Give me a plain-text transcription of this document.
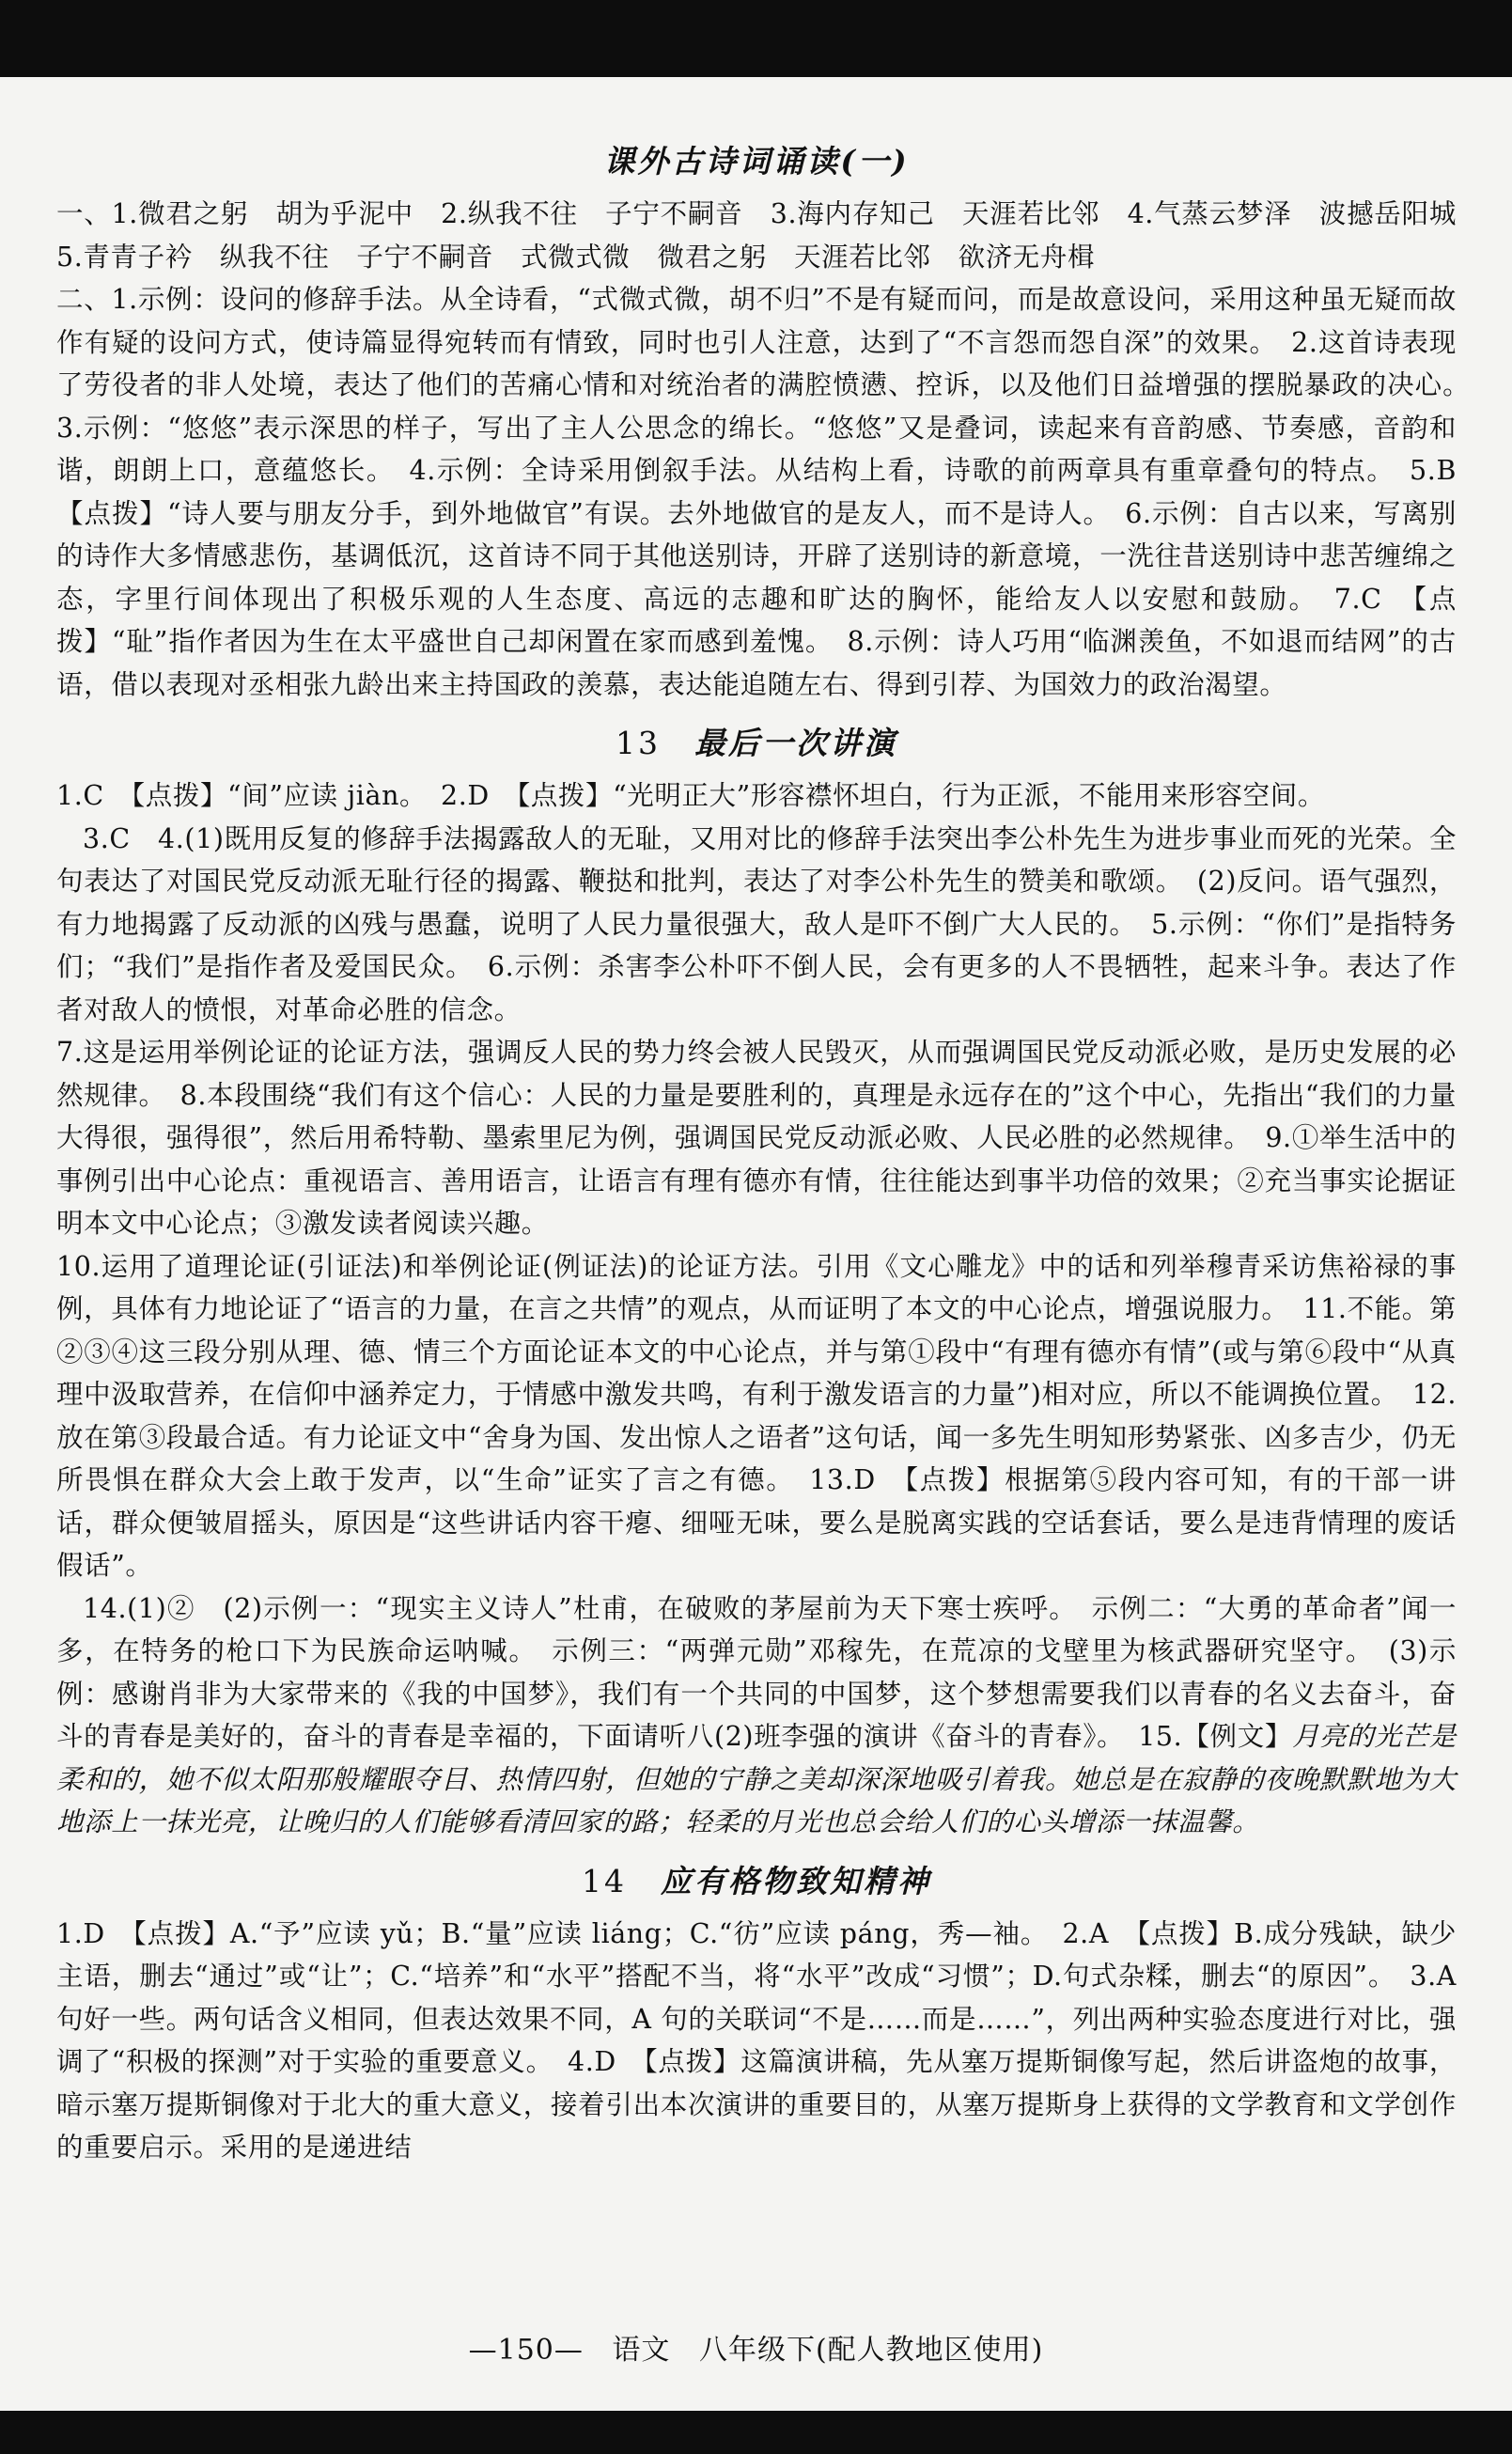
课外古诗词诵读(一)

一、1.微君之躬　胡为乎泥中　2.纵我不往　子宁不嗣音　3.海内存知己　天涯若比邻　4.气蒸云梦泽　波撼岳阳城　5.青青子衿　纵我不往　子宁不嗣音　式微式微　微君之躬　天涯若比邻　欲济无舟楫

二、1.示例：设问的修辞手法。从全诗看，“式微式微，胡不归”不是有疑而问，而是故意设问，采用这种虽无疑而故作有疑的设问方式，使诗篇显得宛转而有情致，同时也引人注意，达到了“不言怨而怨自深”的效果。　2.这首诗表现了劳役者的非人处境，表达了他们的苦痛心情和对统治者的满腔愤懑、控诉，以及他们日益增强的摆脱暴政的决心。　3.示例：“悠悠”表示深思的样子，写出了主人公思念的绵长。“悠悠”又是叠词，读起来有音韵感、节奏感，音韵和谐，朗朗上口，意蕴悠长。　4.示例：全诗采用倒叙手法。从结构上看，诗歌的前两章具有重章叠句的特点。　5.B　【点拨】“诗人要与朋友分手，到外地做官”有误。去外地做官的是友人，而不是诗人。　6.示例：自古以来，写离别的诗作大多情感悲伤，基调低沉，这首诗不同于其他送别诗，开辟了送别诗的新意境，一洗往昔送别诗中悲苦缠绵之态，字里行间体现出了积极乐观的人生态度、高远的志趣和旷达的胸怀，能给友人以安慰和鼓励。　7.C　【点拨】“耻”指作者因为生在太平盛世自己却闲置在家而感到羞愧。　8.示例：诗人巧用“临渊羡鱼，不如退而结网”的古语，借以表现对丞相张九龄出来主持国政的羡慕，表达能追随左右、得到引荐、为国效力的政治渴望。

13 最后一次讲演

1.C　【点拨】“间”应读 jiàn。　2.D　【点拨】“光明正大”形容襟怀坦白，行为正派，不能用来形容空间。

3.C　4.(1)既用反复的修辞手法揭露敌人的无耻，又用对比的修辞手法突出李公朴先生为进步事业而死的光荣。全句表达了对国民党反动派无耻行径的揭露、鞭挞和批判，表达了对李公朴先生的赞美和歌颂。　(2)反问。语气强烈，有力地揭露了反动派的凶残与愚蠢，说明了人民力量很强大，敌人是吓不倒广大人民的。　5.示例：“你们”是指特务们；“我们”是指作者及爱国民众。　6.示例：杀害李公朴吓不倒人民，会有更多的人不畏牺牲，起来斗争。表达了作者对敌人的愤恨，对革命必胜的信念。

7.这是运用举例论证的论证方法，强调反人民的势力终会被人民毁灭，从而强调国民党反动派必败，是历史发展的必然规律。　8.本段围绕“我们有这个信心：人民的力量是要胜利的，真理是永远存在的”这个中心，先指出“我们的力量大得很，强得很”，然后用希特勒、墨索里尼为例，强调国民党反动派必败、人民必胜的必然规律。　9.①举生活中的事例引出中心论点：重视语言、善用语言，让语言有理有德亦有情，往往能达到事半功倍的效果；②充当事实论据证明本文中心论点；③激发读者阅读兴趣。

10.运用了道理论证(引证法)和举例论证(例证法)的论证方法。引用《文心雕龙》中的话和列举穆青采访焦裕禄的事例，具体有力地论证了“语言的力量，在言之共情”的观点，从而证明了本文的中心论点，增强说服力。　11.不能。第②③④这三段分别从理、德、情三个方面论证本文的中心论点，并与第①段中“有理有德亦有情”(或与第⑥段中“从真理中汲取营养，在信仰中涵养定力，于情感中激发共鸣，有利于激发语言的力量”)相对应，所以不能调换位置。　12.放在第③段最合适。有力论证文中“舍身为国、发出惊人之语者”这句话，闻一多先生明知形势紧张、凶多吉少，仍无所畏惧在群众大会上敢于发声，以“生命”证实了言之有德。　13.D　【点拨】根据第⑤段内容可知，有的干部一讲话，群众便皱眉摇头，原因是“这些讲话内容干瘪、细哑无味，要么是脱离实践的空话套话，要么是违背情理的废话假话”。

14.(1)②　(2)示例一：“现实主义诗人”杜甫，在破败的茅屋前为天下寒士疾呼。　示例二：“大勇的革命者”闻一多，在特务的枪口下为民族命运呐喊。　示例三：“两弹元勋”邓稼先，在荒凉的戈壁里为核武器研究坚守。　(3)示例：感谢肖非为大家带来的《我的中国梦》，我们有一个共同的中国梦，这个梦想需要我们以青春的名义去奋斗，奋斗的青春是美好的，奋斗的青春是幸福的，下面请听八(2)班李强的演讲《奋斗的青春》。　15.【例文】月亮的光芒是柔和的，她不似太阳那般耀眼夺目、热情四射，但她的宁静之美却深深地吸引着我。她总是在寂静的夜晚默默地为大地添上一抹光亮，让晚归的人们能够看清回家的路；轻柔的月光也总会给人们的心头增添一抹温馨。

14 应有格物致知精神

1.D　【点拨】A.“予”应读 yǔ；B.“量”应读 liáng；C.“彷”应读 páng，秀—袖。　2.A　【点拨】B.成分残缺，缺少主语，删去“通过”或“让”；C.“培养”和“水平”搭配不当，将“水平”改成“习惯”；D.句式杂糅，删去“的原因”。　3.A 句好一些。两句话含义相同，但表达效果不同，A 句的关联词“不是……而是……”，列出两种实验态度进行对比，强调了“积极的探测”对于实验的重要意义。　4.D　【点拨】这篇演讲稿，先从塞万提斯铜像写起，然后讲盗炮的故事，暗示塞万提斯铜像对于北大的重大意义，接着引出本次演讲的重要目的，从塞万提斯身上获得的文学教育和文学创作的重要启示。采用的是递进结

—150— 语文 八年级下(配人教地区使用)
